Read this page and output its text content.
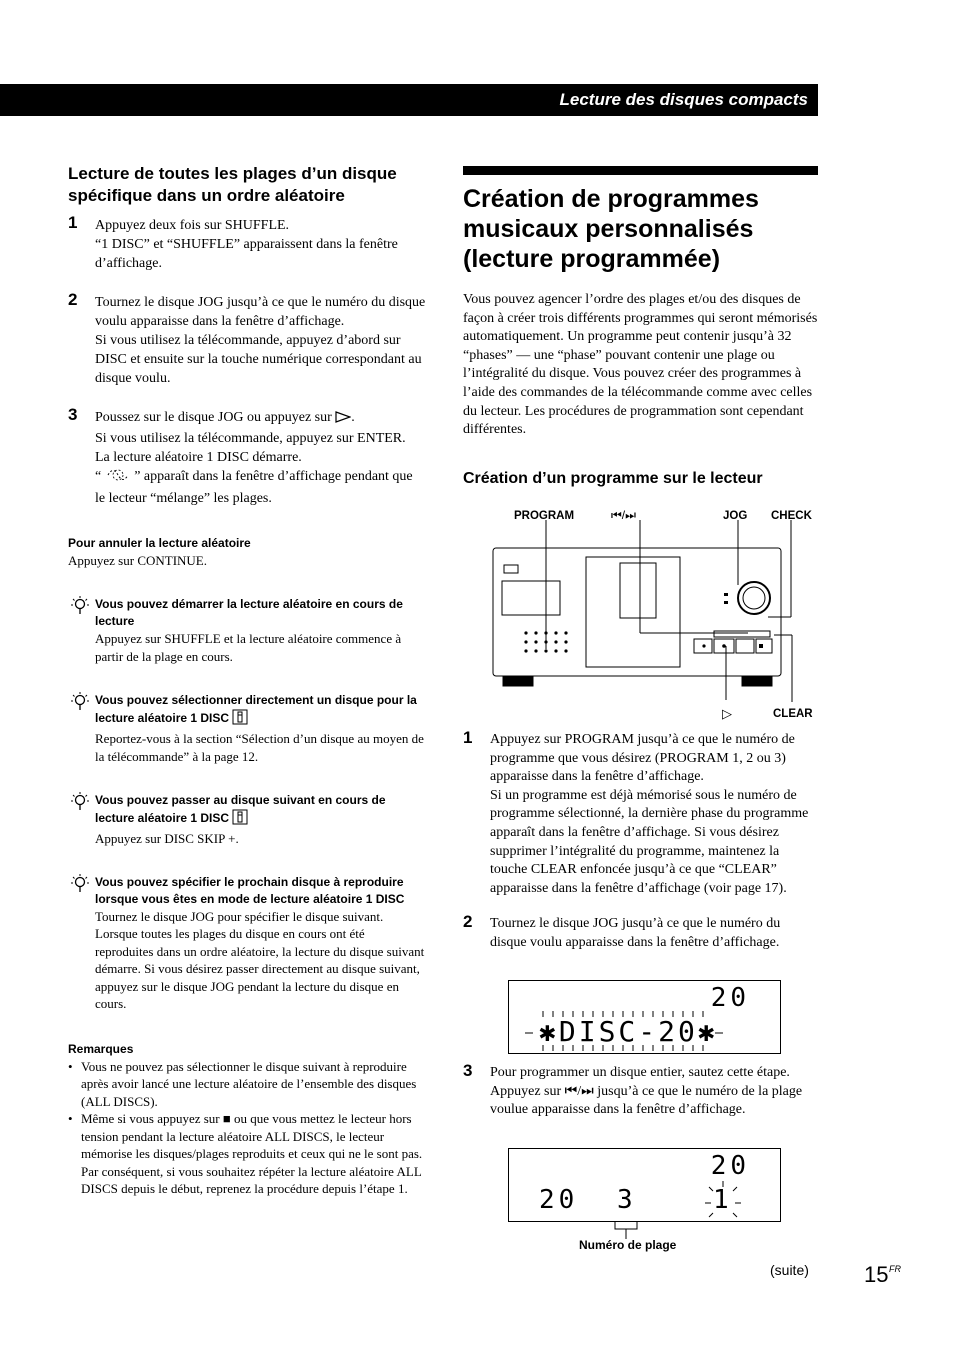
Lecture des disques compacts
Lecture de toutes les plages d’un disque spécifique dans un ordre aléatoire
1 Appuyez deux fois sur SHUFFLE.

“1 DISC” et “SHUFFLE” apparaissent dans la fenêtre d’affichage.

2 Tournez le disque JOG jusqu’à ce que le numéro du disque voulu apparaisse dans la fenêtre d’affichage.

Si vous utilisez la télécommande, appuyez d’abord sur DISC et ensuite sur la touche numérique correspondant au disque voulu.

3 Poussez sur le disque JOG ou appuyez sur .

Si vous utilisez la télécommande, appuyez sur ENTER.

La lecture aléatoire 1 DISC démarre.

“ ” apparaît dans la fenêtre d’affichage pendant que le lecteur “mélange” les plages.

Pour annuler la lecture aléatoire

Appuyez sur CONTINUE.

Vous pouvez démarrer la lecture aléatoire en cours de lecture

Appuyez sur SHUFFLE et la lecture aléatoire commence à partir de la plage en cours.

Vous pouvez sélectionner directement un disque pour la lecture aléatoire 1 DISC

Reportez-vous à la section “Sélection d’un disque au moyen de la télécommande” à la page 12.

Vous pouvez passer au disque suivant en cours de lecture aléatoire 1 DISC

Appuyez sur DISC SKIP +.

Vous pouvez spécifier le prochain disque à reproduire lorsque vous êtes en mode de lecture aléatoire 1 DISC

Tournez le disque JOG pour spécifier le disque suivant. Lorsque toutes les plages du disque en cours ont été reproduites dans un ordre aléatoire, la lecture du disque suivant démarre. Si vous désirez passer directement au disque suivant, appuyez sur le disque JOG pendant la lecture du disque en cours.

Remarques

• Vous ne pouvez pas sélectionner le disque suivant à reproduire après avoir lancé une lecture aléatoire de l’ensemble des disques (ALL DISCS).
• Même si vous appuyez sur ■ ou que vous mettez le lecteur hors tension pendant la lecture aléatoire ALL DISCS, le lecteur mémorise les disques/plages reproduits et ceux qui ne le sont pas. Par conséquent, si vous souhaitez répéter la lecture aléatoire ALL DISCS depuis le début, reprenez la procédure depuis l’étape 1.
Création de programmes musicaux personnalisés (lecture programmée)

Vous pouvez agencer l’ordre des plages et/ou des disques de façon à créer trois différents programmes qui seront mémorisés automatiquement. Un programme peut contenir jusqu’à 32 “phases” — une “phase” pouvant contenir une plage ou l’intégralité du disque. Vous pouvez créer des programmes à l’aide des commandes de la télécommande comme avec celles du lecteur. Les procédures de programmation sont cependant différentes.

Création d’un programme sur le lecteur
PROGRAM	⏮/⏭	JOG CHECK
▷	CLEAR
1 Appuyez sur PROGRAM jusqu’à ce que le numéro de programme que vous désirez (PROGRAM 1, 2 ou 3) apparaisse dans la fenêtre d’affichage.

Si un programme est déjà mémorisé sous le numéro de programme sélectionné, la dernière phase du programme apparaît dans la fenêtre d’affichage. Si vous désirez supprimer l’intégralité du programme, maintenez la touche CLEAR enfoncée jusqu’à ce que “CLEAR” apparaisse dans la fenêtre d’affichage (voir page 17).

2 Tournez le disque JOG jusqu’à ce que le numéro du disque voulu apparaisse dans la fenêtre d’affichage.

20
✱DISC-20✱
3 Pour programmer un disque entier, sautez cette étape. Appuyez sur ⏮/⏭ jusqu’à ce que le numéro de la plage voulue apparaisse dans la fenêtre d’affichage.

20
20 3	1
Numéro de plage
(suite)	15 FR
